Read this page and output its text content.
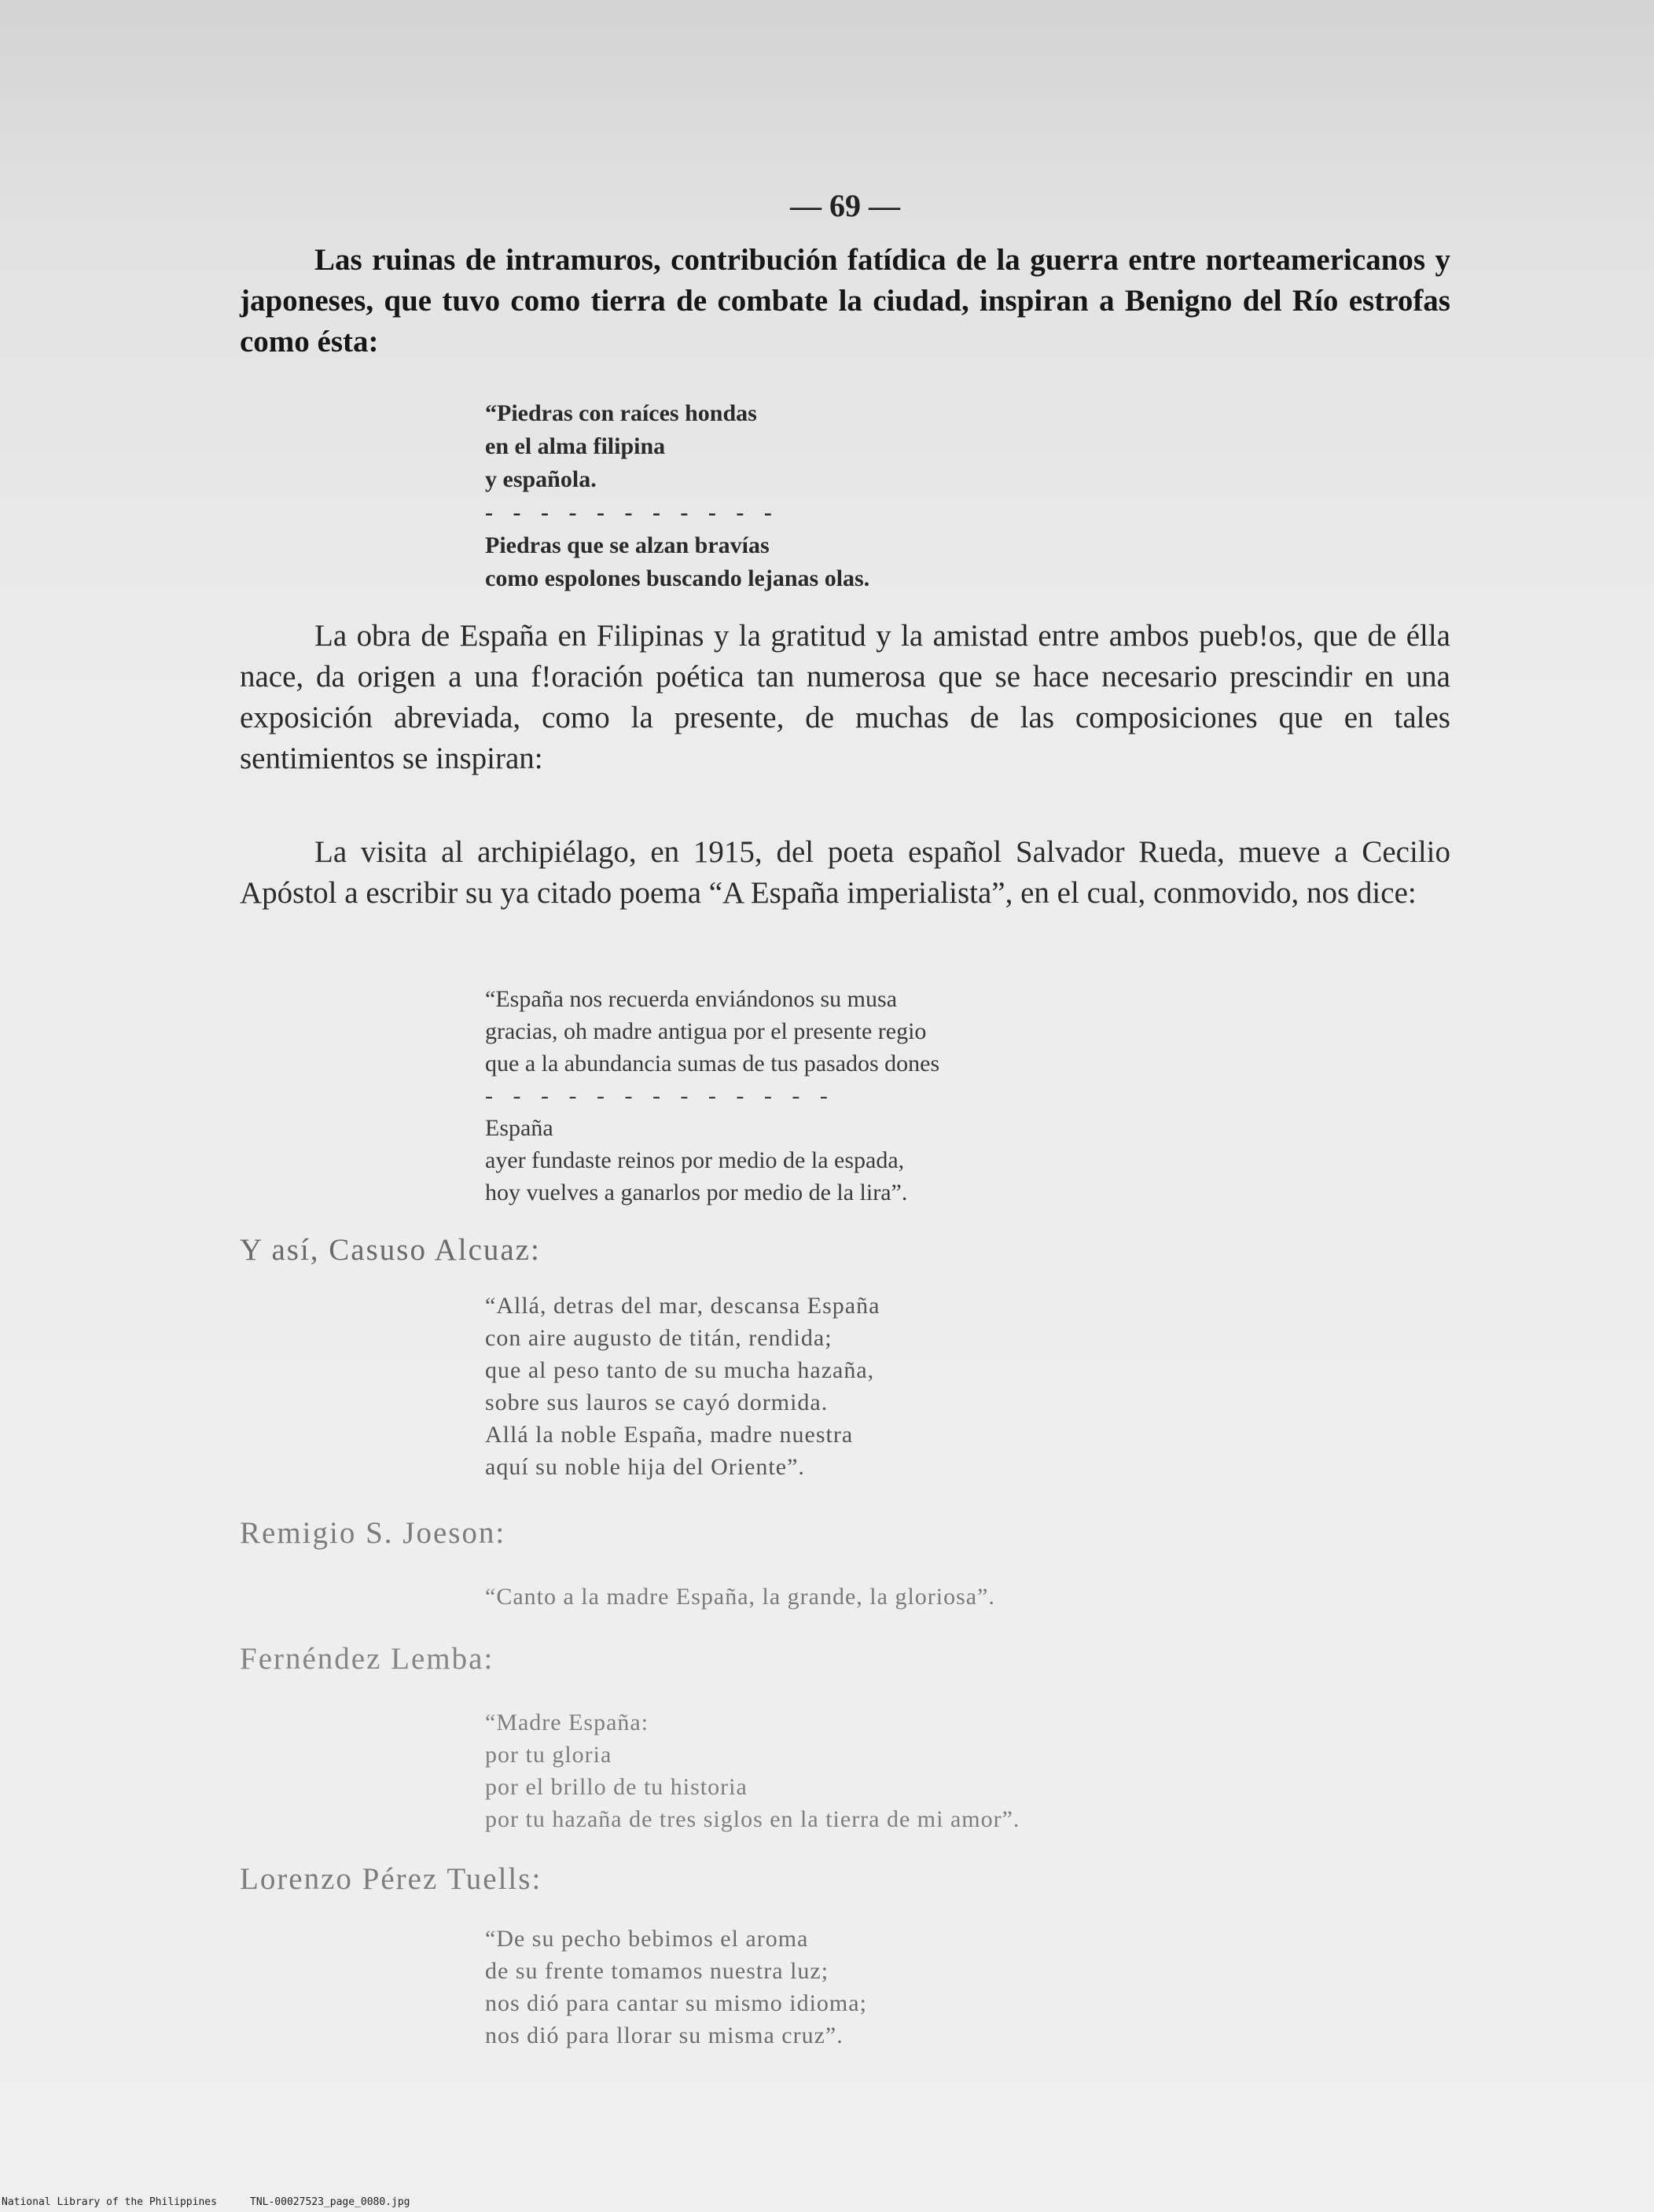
— 69 —

Las ruinas de intramuros, contribución fatídica de la guerra entre norteamericanos y japoneses, que tuvo como tierra de combate la ciudad, inspiran a Benigno del Río estrofas como ésta:

“Piedras con raíces hondas
en el alma filipina
y española.
- - - - - - - - - - -
Piedras que se alzan bravías
como espolones buscando lejanas olas.

La obra de España en Filipinas y la gratitud y la amistad entre ambos pueb!os, que de élla nace, da origen a una f!oración poética tan numerosa que se hace necesario prescindir en una exposición abreviada, como la presente, de muchas de las composiciones que en tales sentimientos se inspiran:

La visita al archipiélago, en 1915, del poeta español Salvador Rueda, mueve a Cecilio Apóstol a escribir su ya citado poema “A España imperialista”, en el cual, conmovido, nos dice:

“España nos recuerda enviándonos su musa
gracias, oh madre antigua por el presente regio
que a la abundancia sumas de tus pasados dones
- - - - - - - - - - - - -
España
ayer fundaste reinos por medio de la espada,
hoy vuelves a ganarlos por medio de la lira”.

Y así, Casuso Alcuaz:

“Allá, detras del mar, descansa España
con aire augusto de titán, rendida;
que al peso tanto de su mucha hazaña,
sobre sus lauros se cayó dormida.
Allá la noble España, madre nuestra
aquí su noble hija del Oriente”.

Remigio S. Joeson:

“Canto a la madre España, la grande, la gloriosa”.

Fernéndez Lemba:

“Madre España:
por tu gloria
por el brillo de tu historia
por tu hazaña de tres siglos en la tierra de mi amor”.

Lorenzo Pérez Tuells:

“De su pecho bebimos el aroma
de su frente tomamos nuestra luz;
nos dió para cantar su mismo idioma;
nos dió para llorar su misma cruz”.
National Library of the Philippines	TNL-00027523_page_0080.jpg
